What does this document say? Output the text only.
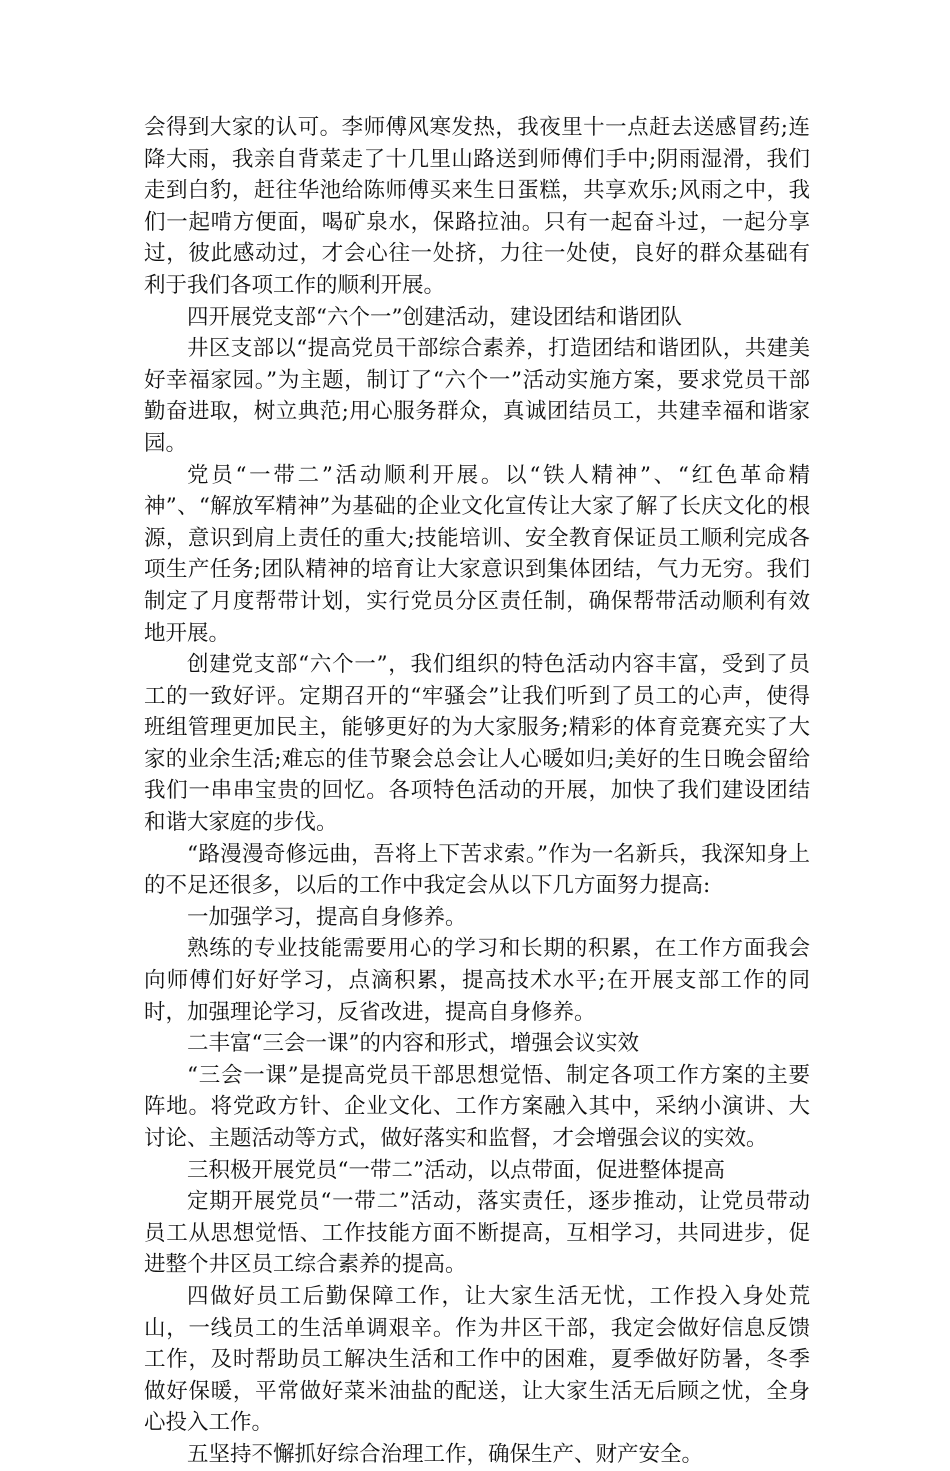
会得到大家的认可。李师傅风寒发热，我夜里十一点赶去送感冒药;连降大雨，我亲自背菜走了十几里山路送到师傅们手中;阴雨湿滑，我们走到白豹，赶往华池给陈师傅买来生日蛋糕，共享欢乐;风雨之中，我们一起啃方便面，喝矿泉水，保路拉油。只有一起奋斗过，一起分享过，彼此感动过，才会心往一处挤，力往一处使，良好的群众基础有利于我们各项工作的顺利开展。

四开展党支部“六个一”创建活动，建设团结和谐团队

井区支部以“提高党员干部综合素养，打造团结和谐团队，共建美好幸福家园。”为主题，制订了“六个一”活动实施方案，要求党员干部勤奋进取，树立典范;用心服务群众，真诚团结员工，共建幸福和谐家园。

党员“一带二”活动顺利开展。以“铁人精神”、“红色革命精神”、“解放军精神”为基础的企业文化宣传让大家了解了长庆文化的根源，意识到肩上责任的重大;技能培训、安全教育保证员工顺利完成各项生产任务;团队精神的培育让大家意识到集体团结，气力无穷。我们制定了月度帮带计划，实行党员分区责任制，确保帮带活动顺利有效地开展。

创建党支部“六个一”，我们组织的特色活动内容丰富，受到了员工的一致好评。定期召开的“牢骚会”让我们听到了员工的心声，使得班组管理更加民主，能够更好的为大家服务;精彩的体育竞赛充实了大家的业余生活;难忘的佳节聚会总会让人心暖如归;美好的生日晚会留给我们一串串宝贵的回忆。各项特色活动的开展，加快了我们建设团结和谐大家庭的步伐。

“路漫漫奇修远曲，吾将上下苦求索。”作为一名新兵，我深知身上的不足还很多，以后的工作中我定会从以下几方面努力提高:

一加强学习，提高自身修养。

熟练的专业技能需要用心的学习和长期的积累，在工作方面我会向师傅们好好学习，点滴积累，提高技术水平;在开展支部工作的同时，加强理论学习，反省改进，提高自身修养。

二丰富“三会一课”的内容和形式，增强会议实效

“三会一课”是提高党员干部思想觉悟、制定各项工作方案的主要阵地。将党政方针、企业文化、工作方案融入其中，采纳小演讲、大讨论、主题活动等方式，做好落实和监督，才会增强会议的实效。

三积极开展党员“一带二”活动，以点带面，促进整体提高

定期开展党员“一带二”活动，落实责任，逐步推动，让党员带动员工从思想觉悟、工作技能方面不断提高，互相学习，共同进步，促进整个井区员工综合素养的提高。

四做好员工后勤保障工作，让大家生活无忧，工作投入身处荒山，一线员工的生活单调艰辛。作为井区干部，我定会做好信息反馈工作，及时帮助员工解决生活和工作中的困难，夏季做好防暑，冬季做好保暖，平常做好菜米油盐的配送，让大家生活无后顾之忧，全身心投入工作。

五坚持不懈抓好综合治理工作，确保生产、财产安全。
